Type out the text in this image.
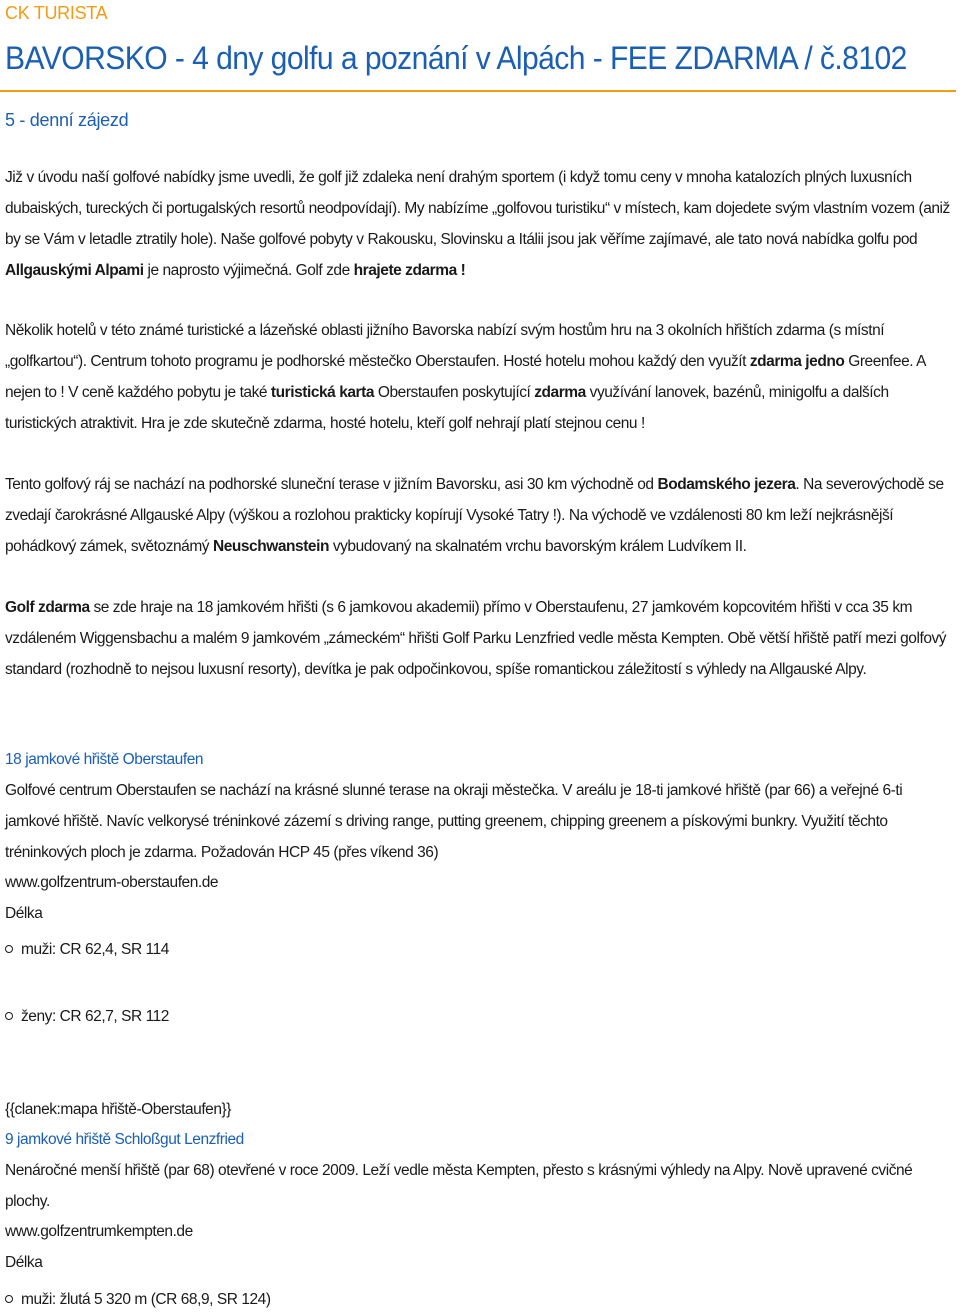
CK TURISTA
BAVORSKO - 4 dny golfu a poznání v Alpách - FEE ZDARMA / č.8102
5 - denní zájezd

Již v úvodu naší golfové nabídky jsme uvedli, že golf již zdaleka není drahým sportem (i když tomu ceny v mnoha katalozích plných luxusních dubaiských, tureckých či portugalských resortů neodpovídají). My nabízíme „golfovou turistiku“ v místech, kam dojedete svým vlastním vozem (aniž by se Vám v letadle ztratily hole). Naše golfové pobyty v Rakousku, Slovinsku a Itálii jsou jak věříme zajímavé, ale tato nová nabídka golfu pod Allgauskými Alpami je naprosto výjimečná. Golf zde hrajete zdarma !

Několik hotelů v této známé turistické a lázeňské oblasti jižního Bavorska nabízí svým hostům hru na 3 okolních hřištích zdarma (s místní „golfkartou“). Centrum tohoto programu je podhorské městečko Oberstaufen. Hosté hotelu mohou každý den využít zdarma jedno Greenfee. A nejen to ! V ceně každého pobytu je také turistická karta Oberstaufen poskytující zdarma využívání lanovek, bazénů, minigolfu a dalších turistických atraktivit. Hra je zde skutečně zdarma, hosté hotelu, kteří golf nehrají platí stejnou cenu !

Tento golfový ráj se nachází na podhorské sluneční terase v jižním Bavorsku, asi 30 km východně od Bodamského jezera. Na severovýchodě se zvedají čarokrásné Allgauské Alpy (výškou a rozlohou prakticky kopírují Vysoké Tatry !). Na východě ve vzdálenosti 80 km leží nejkrásnější pohádkový zámek, světoznámý Neuschwanstein vybudovaný na skalnatém vrchu bavorským králem Ludvíkem II.

Golf zdarma se zde hraje na 18 jamkovém hřišti (s 6 jamkovou akademii) přímo v Oberstaufenu, 27 jamkovém kopcovitém hřišti v cca 35 km vzdáleném Wiggensbachu a malém 9 jamkovém „zámeckém“ hřišti Golf Parku Lenzfried vedle města Kempten. Obě větší hřiště patří mezi golfový standard (rozhodně to nejsou luxusní resorty), devítka je pak odpočinkovou, spíše romantickou záležitostí s výhledy na Allgauské Alpy.

18 jamkové hřiště Oberstaufen
Golfové centrum Oberstaufen se nachází na krásné slunné terase na okraji městečka. V areálu je 18-ti jamkové hřiště (par 66) a veřejné 6-ti jamkové hřiště. Navíc velkorysé tréninkové zázemí s driving range, putting greenem, chipping greenem a pískovými bunkry. Využití těchto tréninkových ploch je zdarma. Požadován HCP 45 (přes víkend 36)
www.golfzentrum-oberstaufen.de
Délka
muži: CR 62,4, SR 114
ženy: CR 62,7, SR 112
{{clanek:mapa hřiště-Oberstaufen}}
9 jamkové hřiště Schloßgut Lenzfried
Nenáročné menší hřiště (par 68) otevřené v roce 2009. Leží vedle města Kempten, přesto s krásnými výhledy na Alpy. Nově upravené cvičné plochy.
www.golfzentrumkempten.de
Délka
muži: žlutá 5 320 m (CR 68,9, SR 124)
